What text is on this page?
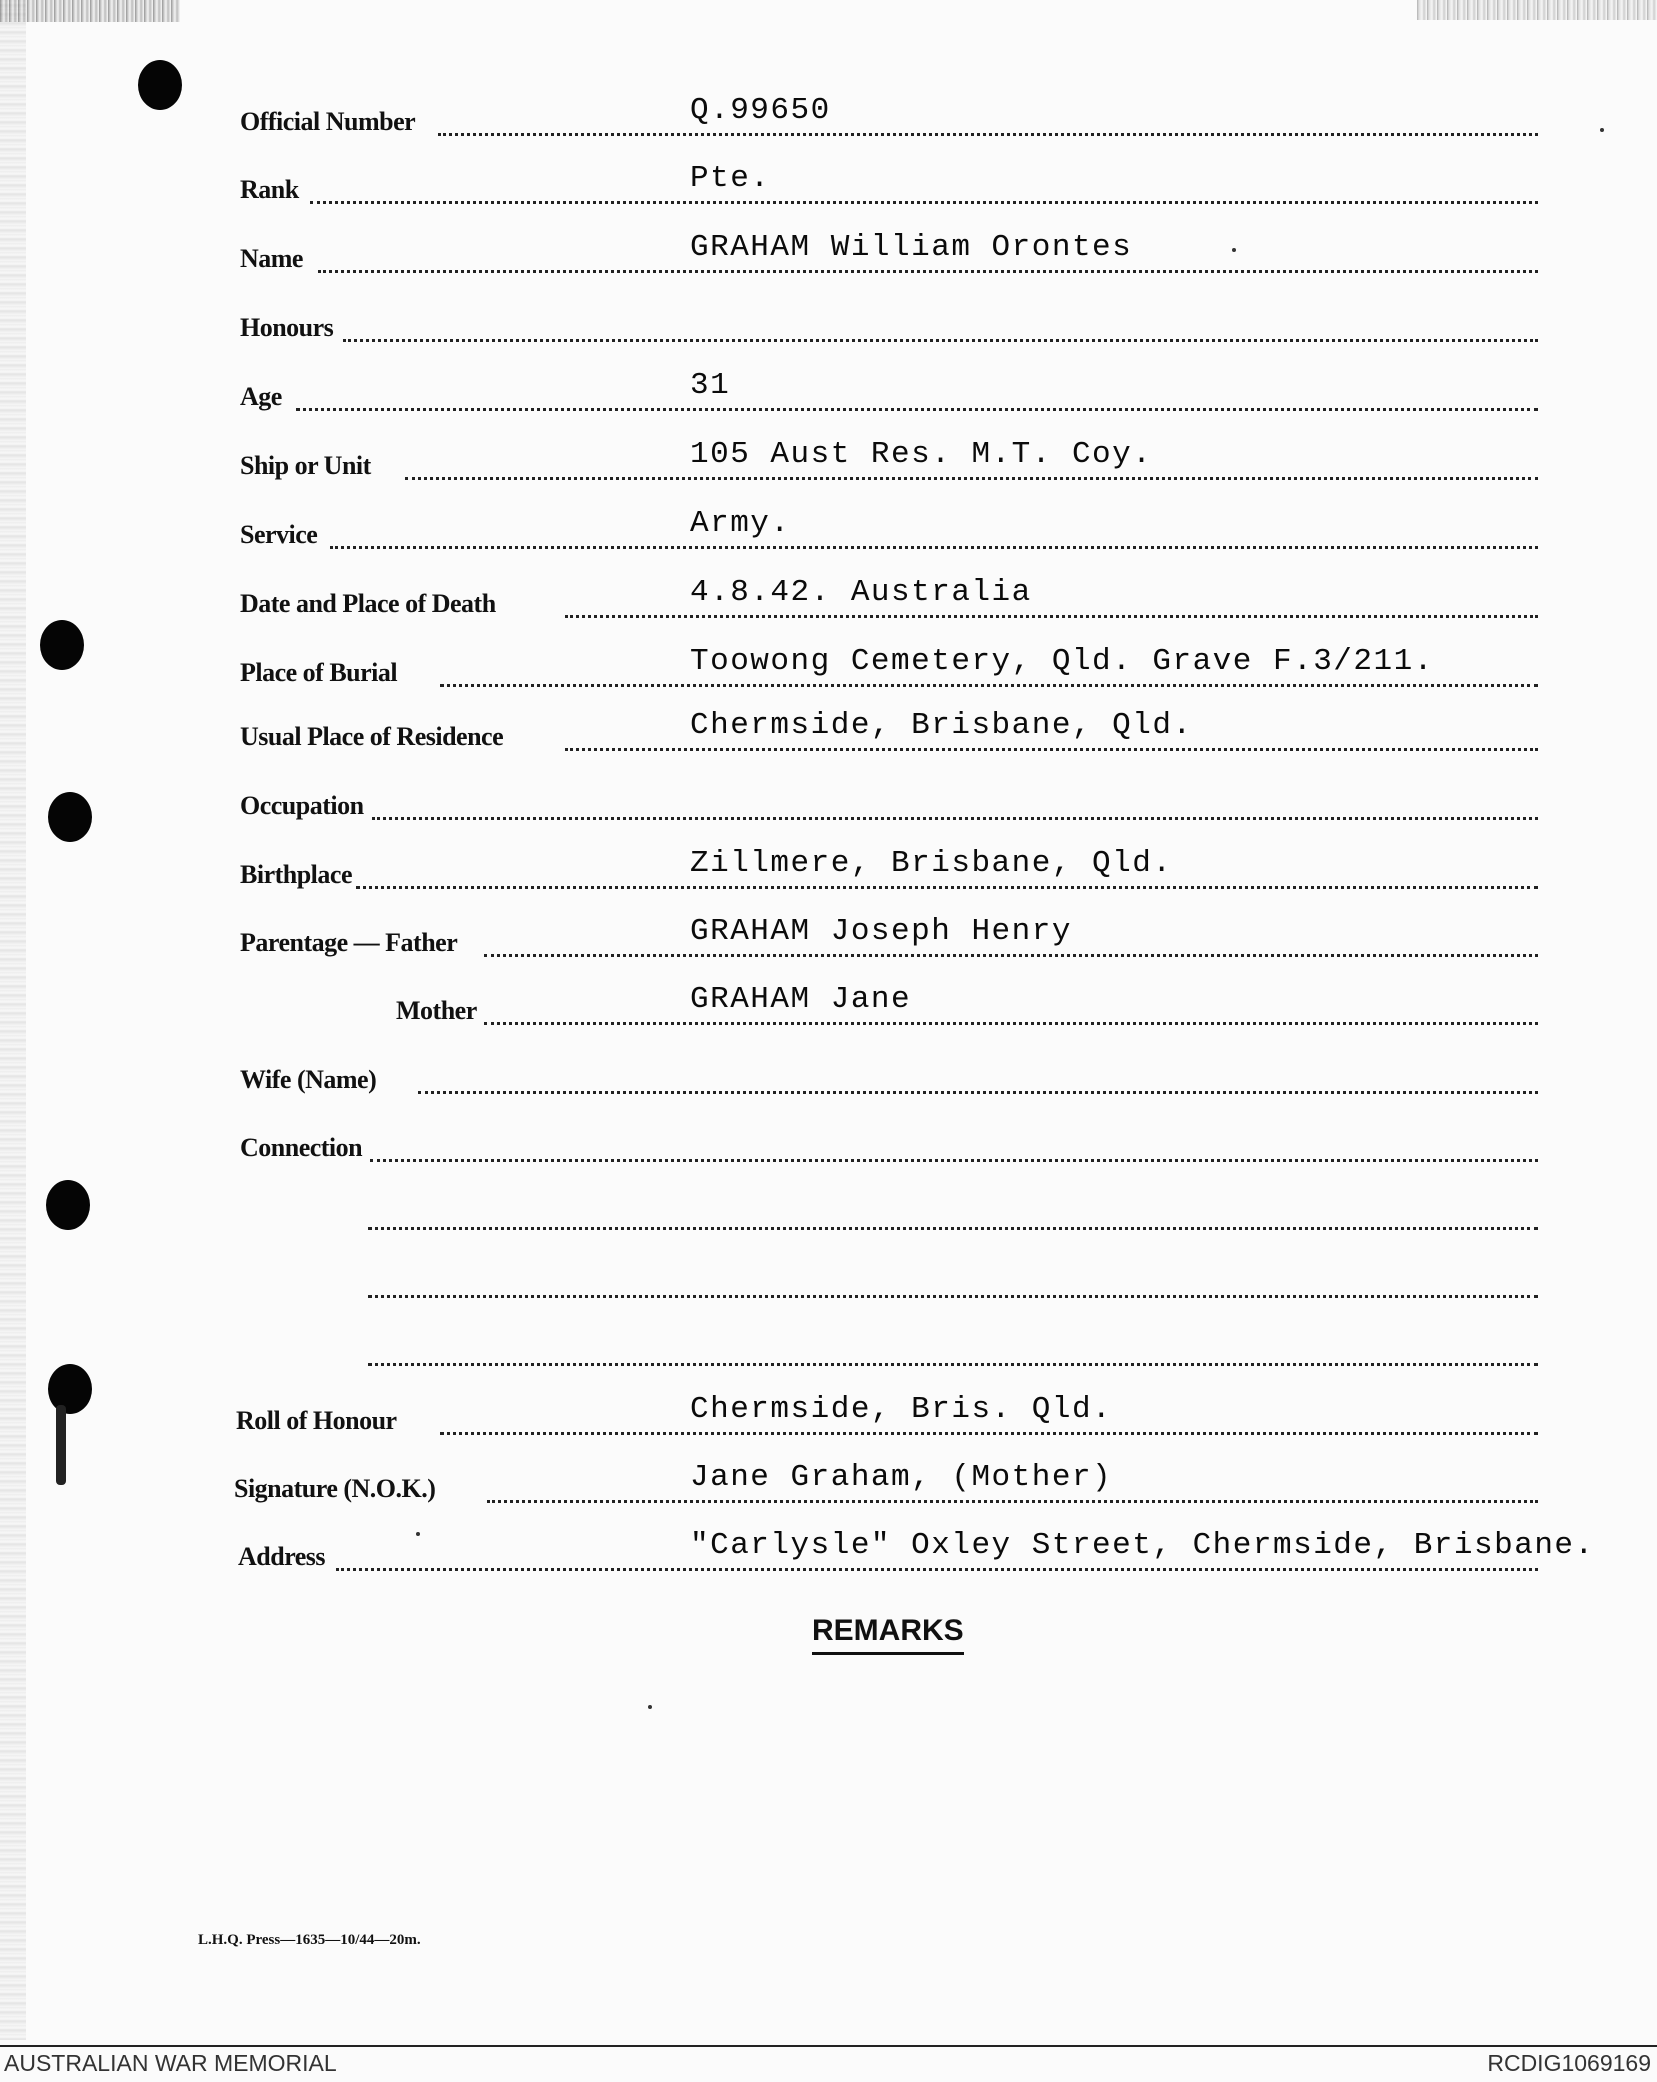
Official Number	Q.99650
Rank	Pte.
Name	GRAHAM William Orontes
Honours
Age	31
Ship or Unit	105 Aust Res. M.T. Coy.
Service	Army.
Date and Place of Death	4.8.42. Australia
Place of Burial	Toowong Cemetery, Qld. Grave F.3/211.
Usual Place of Residence	Chermside, Brisbane, Qld.
Occupation
Birthplace	Zillmere, Brisbane, Qld.
Parentage — Father	GRAHAM Joseph Henry
Mother	GRAHAM Jane
Wife (Name)
Connection
Roll of Honour	Chermside, Bris. Qld.
Signature (N.O.K.)	Jane Graham, (Mother)
Address	"Carlysle" Oxley Street, Chermside, Brisbane.
REMARKS
L.H.Q. Press—1635—10/44—20m.
AUSTRALIAN WAR MEMORIAL	RCDIG1069169
